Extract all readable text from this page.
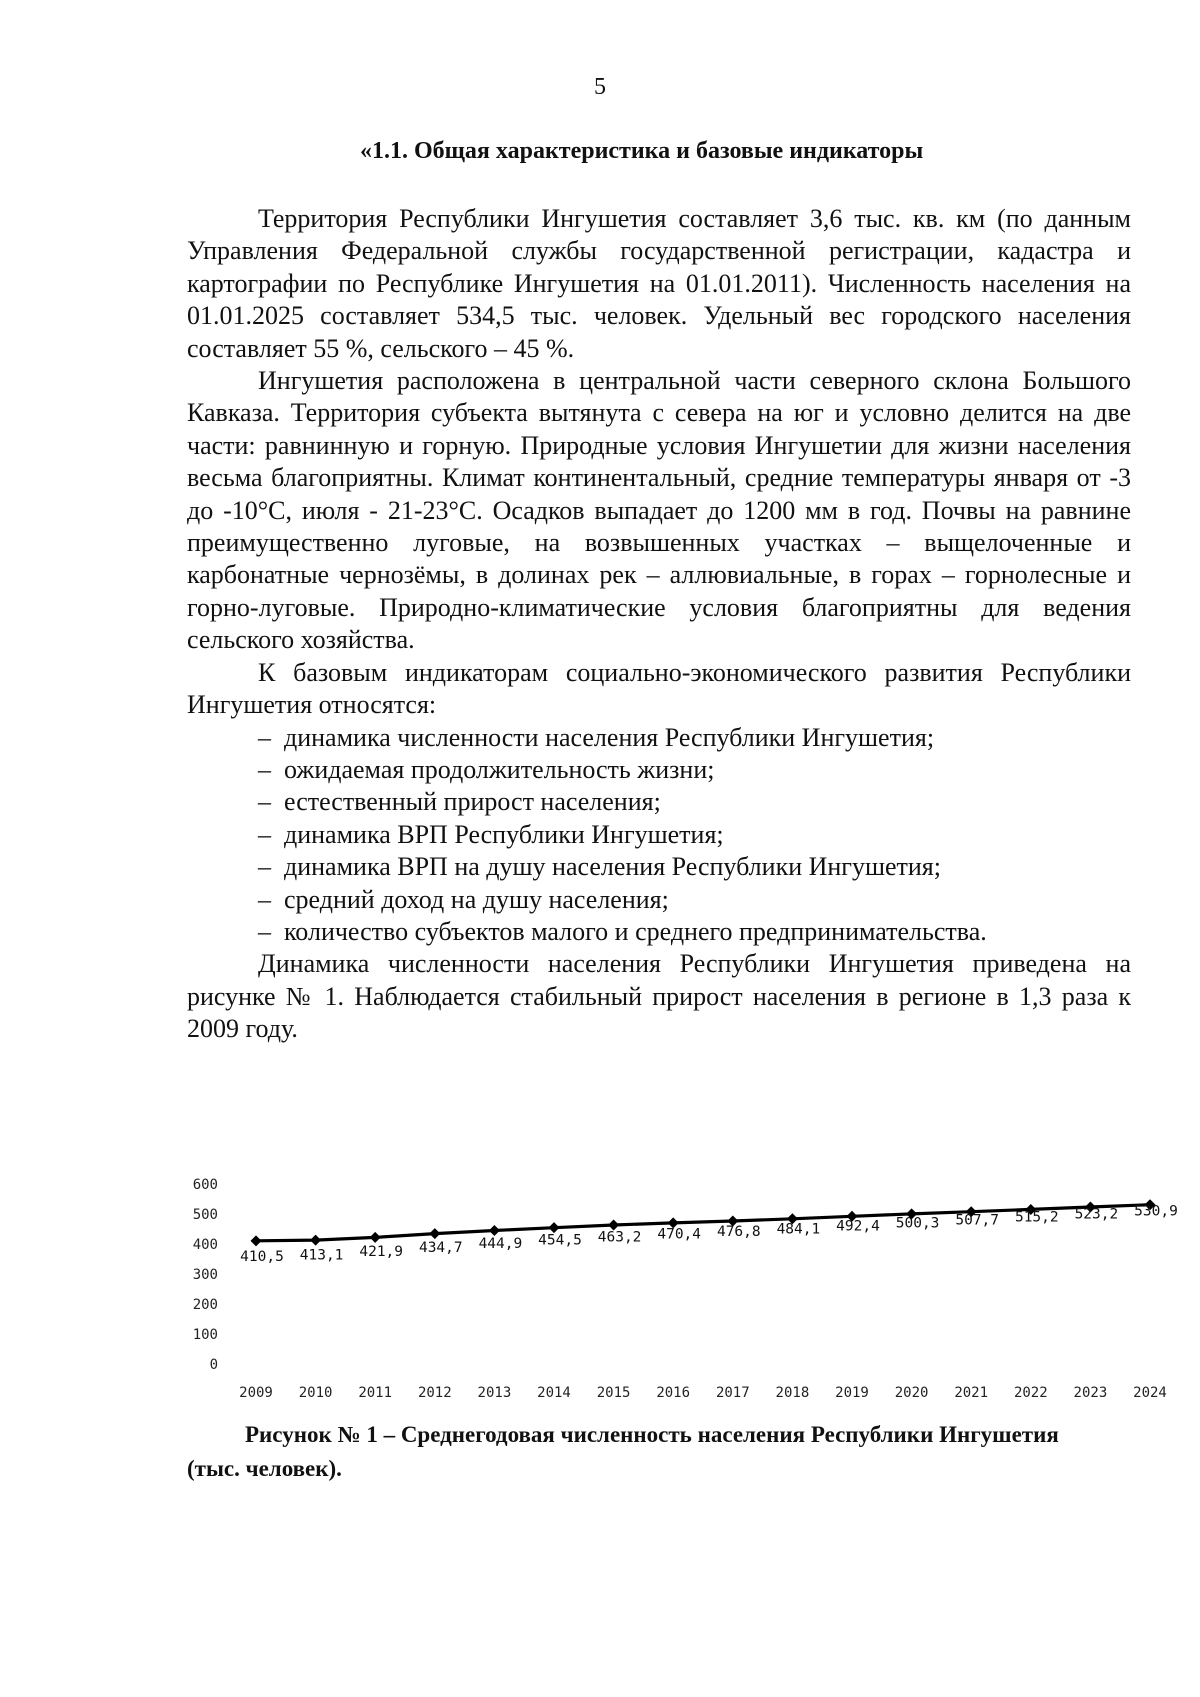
5
«1.1. Общая характеристика и базовые индикаторы

Территория Республики Ингушетия составляет 3,6 тыс. кв. км (по данным Управления Федеральной службы государственной регистрации, кадастра и картографии по Республике Ингушетия на 01.01.2011). Численность населения на 01.01.2025 составляет 534,5 тыс. человек. Удельный вес городского населения составляет 55 %, сельского – 45 %.

Ингушетия расположена в центральной части северного склона Большого Кавказа. Территория субъекта вытянута с севера на юг и условно делится на две части: равнинную и горную. Природные условия Ингушетии для жизни населения весьма благоприятны. Климат континентальный, средние температуры января от -3 до -10°С, июля - 21-23°С. Осадков выпадает до 1200 мм в год. Почвы на равнине преимущественно луговые, на возвышенных участках – выщелоченные и карбонатные чернозёмы, в долинах рек – аллювиальные, в горах – горнолесные и горно-луговые. Природно-климатические условия благоприятны для ведения сельского хозяйства.

К базовым индикаторам социально-экономического развития Республики Ингушетия относятся:

– динамика численности населения Республики Ингушетия;

– ожидаемая продолжительность жизни;

– естественный прирост населения;

– динамика ВРП Республики Ингушетия;

– динамика ВРП на душу населения Республики Ингушетия;

– средний доход на душу населения;

– количество субъектов малого и среднего предпринимательства.

Динамика численности населения Республики Ингушетия приведена на рисунке № 1. Наблюдается стабильный прирост населения в регионе в 1,3 раза к 2009 году.

0
100
200
300
400
500
600
2009 2010 2011 2012 2013 2014 2015 2016 2017 2018 2019 2020 2021 2022 2023 2024
410,5 413,1 421,9 434,7 444,9 454,5 463,2 470,4 476,8 484,1 492,4 500,3 507,7 515,2 523,2 530,9
Рисунок № 1 – Среднегодовая численность населения Республики Ингушетия
(тыс. человек).
